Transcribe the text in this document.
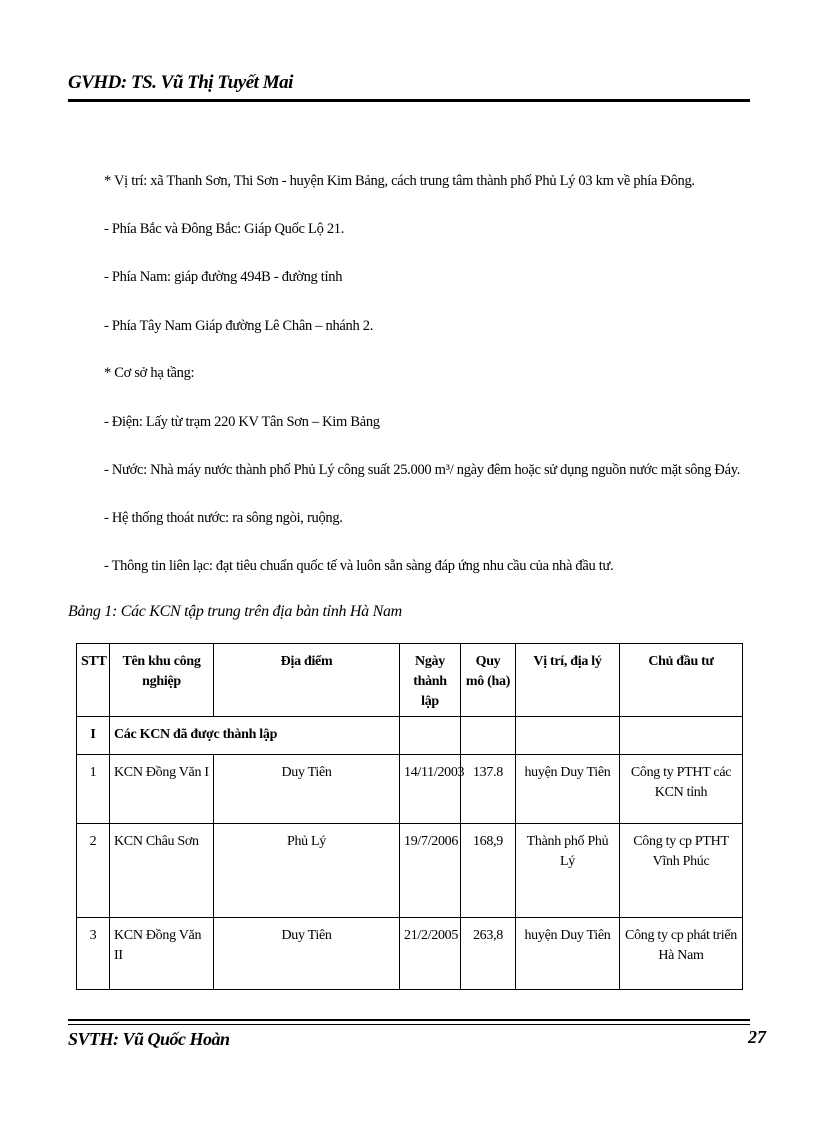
GVHD: TS. Vũ Thị Tuyết Mai
* Vị trí: xã Thanh Sơn, Thi Sơn - huyện Kim Bảng, cách trung tâm thành phố Phủ Lý 03 km về phía Đông.
- Phía Bắc và Đông Bắc: Giáp Quốc Lộ 21.
- Phía Nam: giáp đường 494B - đường tỉnh
- Phía Tây Nam Giáp đường Lê Chân – nhánh 2.
* Cơ sở hạ tầng:
- Điện: Lấy từ trạm 220 KV Tân Sơn – Kim Bảng
- Nước: Nhà máy nước thành phố Phủ Lý công suất 25.000 m³/ ngày đêm hoặc sử dụng nguồn nước mặt sông Đáy.
- Hệ thống thoát nước: ra sông ngòi, ruộng.
- Thông tin liên lạc: đạt tiêu chuẩn quốc tế và luôn sẵn sàng đáp ứng nhu cầu của nhà đầu tư.
Bảng 1: Các KCN tập trung trên địa bàn tỉnh Hà Nam
STT	Tên khu công nghiệp	Địa điểm	Ngày thành lập	Quy mô (ha)	Vị trí, địa lý	Chủ đầu tư
I	Các KCN đã được thành lập					
1	KCN Đồng Văn I	Duy Tiên	14/11/2003	137.8	huyện Duy Tiên	Công ty PTHT các KCN tỉnh
2	KCN Châu Sơn	Phủ Lý	19/7/2006	168,9	Thành phố Phủ Lý	Công ty cp PTHT Vĩnh Phúc
3	KCN Đồng Văn II	Duy Tiên	21/2/2005	263,8	huyện Duy Tiên	Công ty cp phát triển Hà Nam
SVTH: Vũ Quốc Hoàn	27
